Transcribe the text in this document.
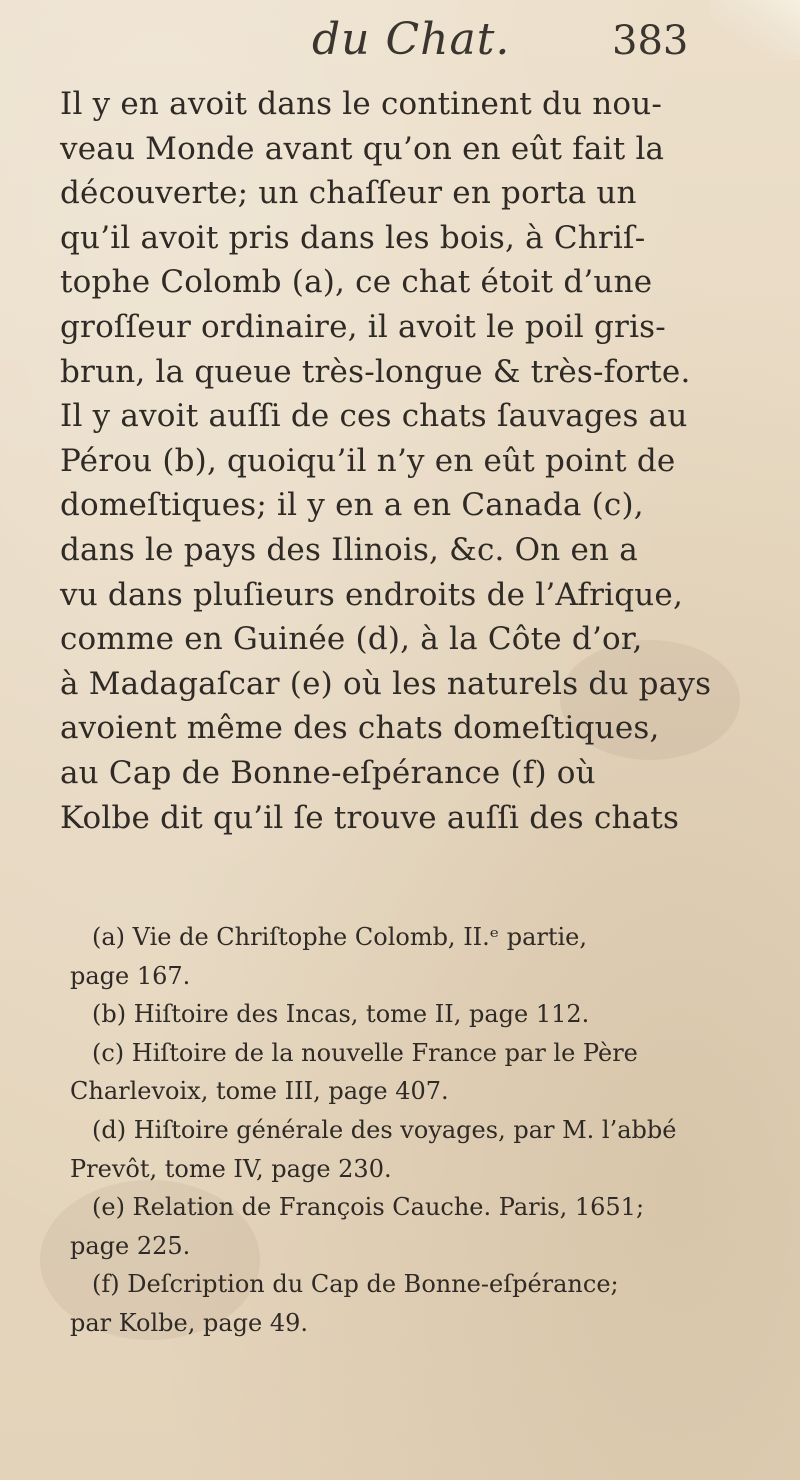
du Chat.	383
Il y en avoit dans le continent du nou-
veau Monde avant qu’on en eût fait la
découverte; un chaſſeur en porta un
qu’il avoit pris dans les bois, à Chriſ-
tophe Colomb (a), ce chat étoit d’une
groſſeur ordinaire, il avoit le poil gris-
brun, la queue très-longue & très-forte.
Il y avoit auſſi de ces chats ſauvages au
Pérou (b), quoiqu’il n’y en eût point de
domeſtiques; il y en a en Canada (c),
dans le pays des Ilinois, &c. On en a
vu dans pluſieurs endroits de l’Afrique,
comme en Guinée (d), à la Côte d’or,
à Madagaſcar (e) où les naturels du pays
avoient même des chats domeſtiques,
au Cap de Bonne-eſpérance (f) où
Kolbe dit qu’il ſe trouve auſſi des chats
(a) Vie de Chriſtophe Colomb, II.ᵉ partie,
page 167.
(b) Hiſtoire des Incas, tome II, page 112.
(c) Hiſtoire de la nouvelle France par le Père
Charlevoix, tome III, page 407.
(d) Hiſtoire générale des voyages, par M. l’abbé
Prevôt, tome IV, page 230.
(e) Relation de François Cauche. Paris, 1651;
page 225.
(f) Deſcription du Cap de Bonne-eſpérance;
par Kolbe, page 49.
